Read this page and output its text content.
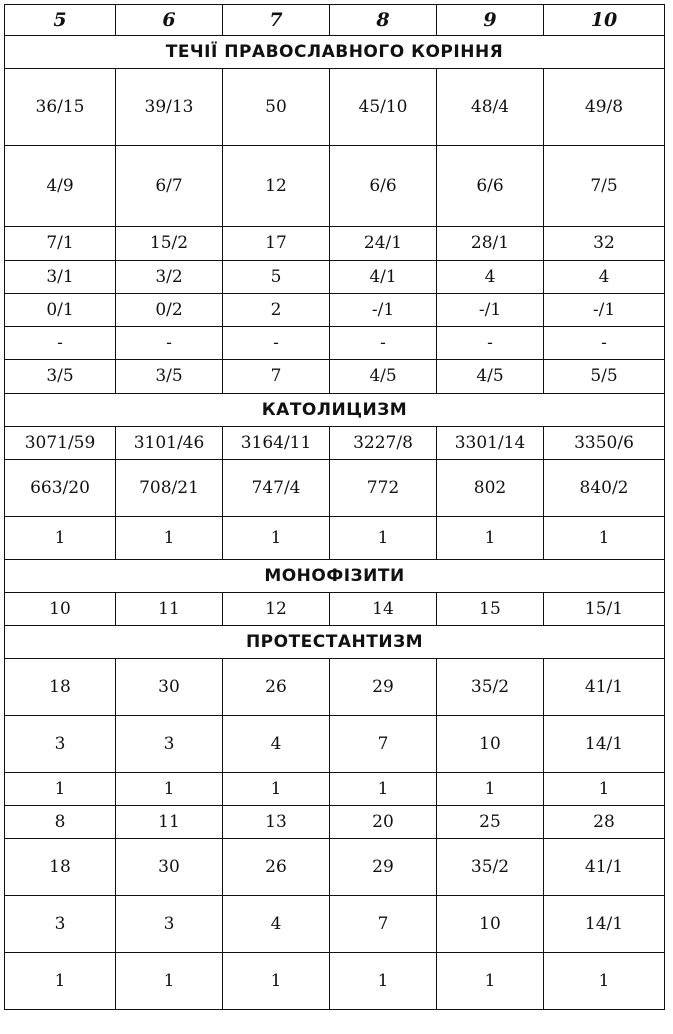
5	6	7	8	9	10
ТЕЧІЇ ПРАВОСЛАВНОГО КОРІННЯ					
36/15	39/13	50	45/10	48/4	49/8
4/9	6/7	12	6/6	6/6	7/5
7/1	15/2	17	24/1	28/1	32
3/1	3/2	5	4/1	4	4
0/1	0/2	2	-/1	-/1	-/1
-	-	-	-	-	-
3/5	3/5	7	4/5	4/5	5/5
КАТОЛИЦИЗМ					
3071/59	3101/46	3164/11	3227/8	3301/14	3350/6
663/20	708/21	747/4	772	802	840/2
1	1	1	1	1	1
МОНОФІЗИТИ					
10	11	12	14	15	15/1
ПРОТЕСТАНТИЗМ					
18	30	26	29	35/2	41/1
3	3	4	7	10	14/1
1	1	1	1	1	1
8	11	13	20	25	28
18	30	26	29	35/2	41/1
3	3	4	7	10	14/1
1	1	1	1	1	1
